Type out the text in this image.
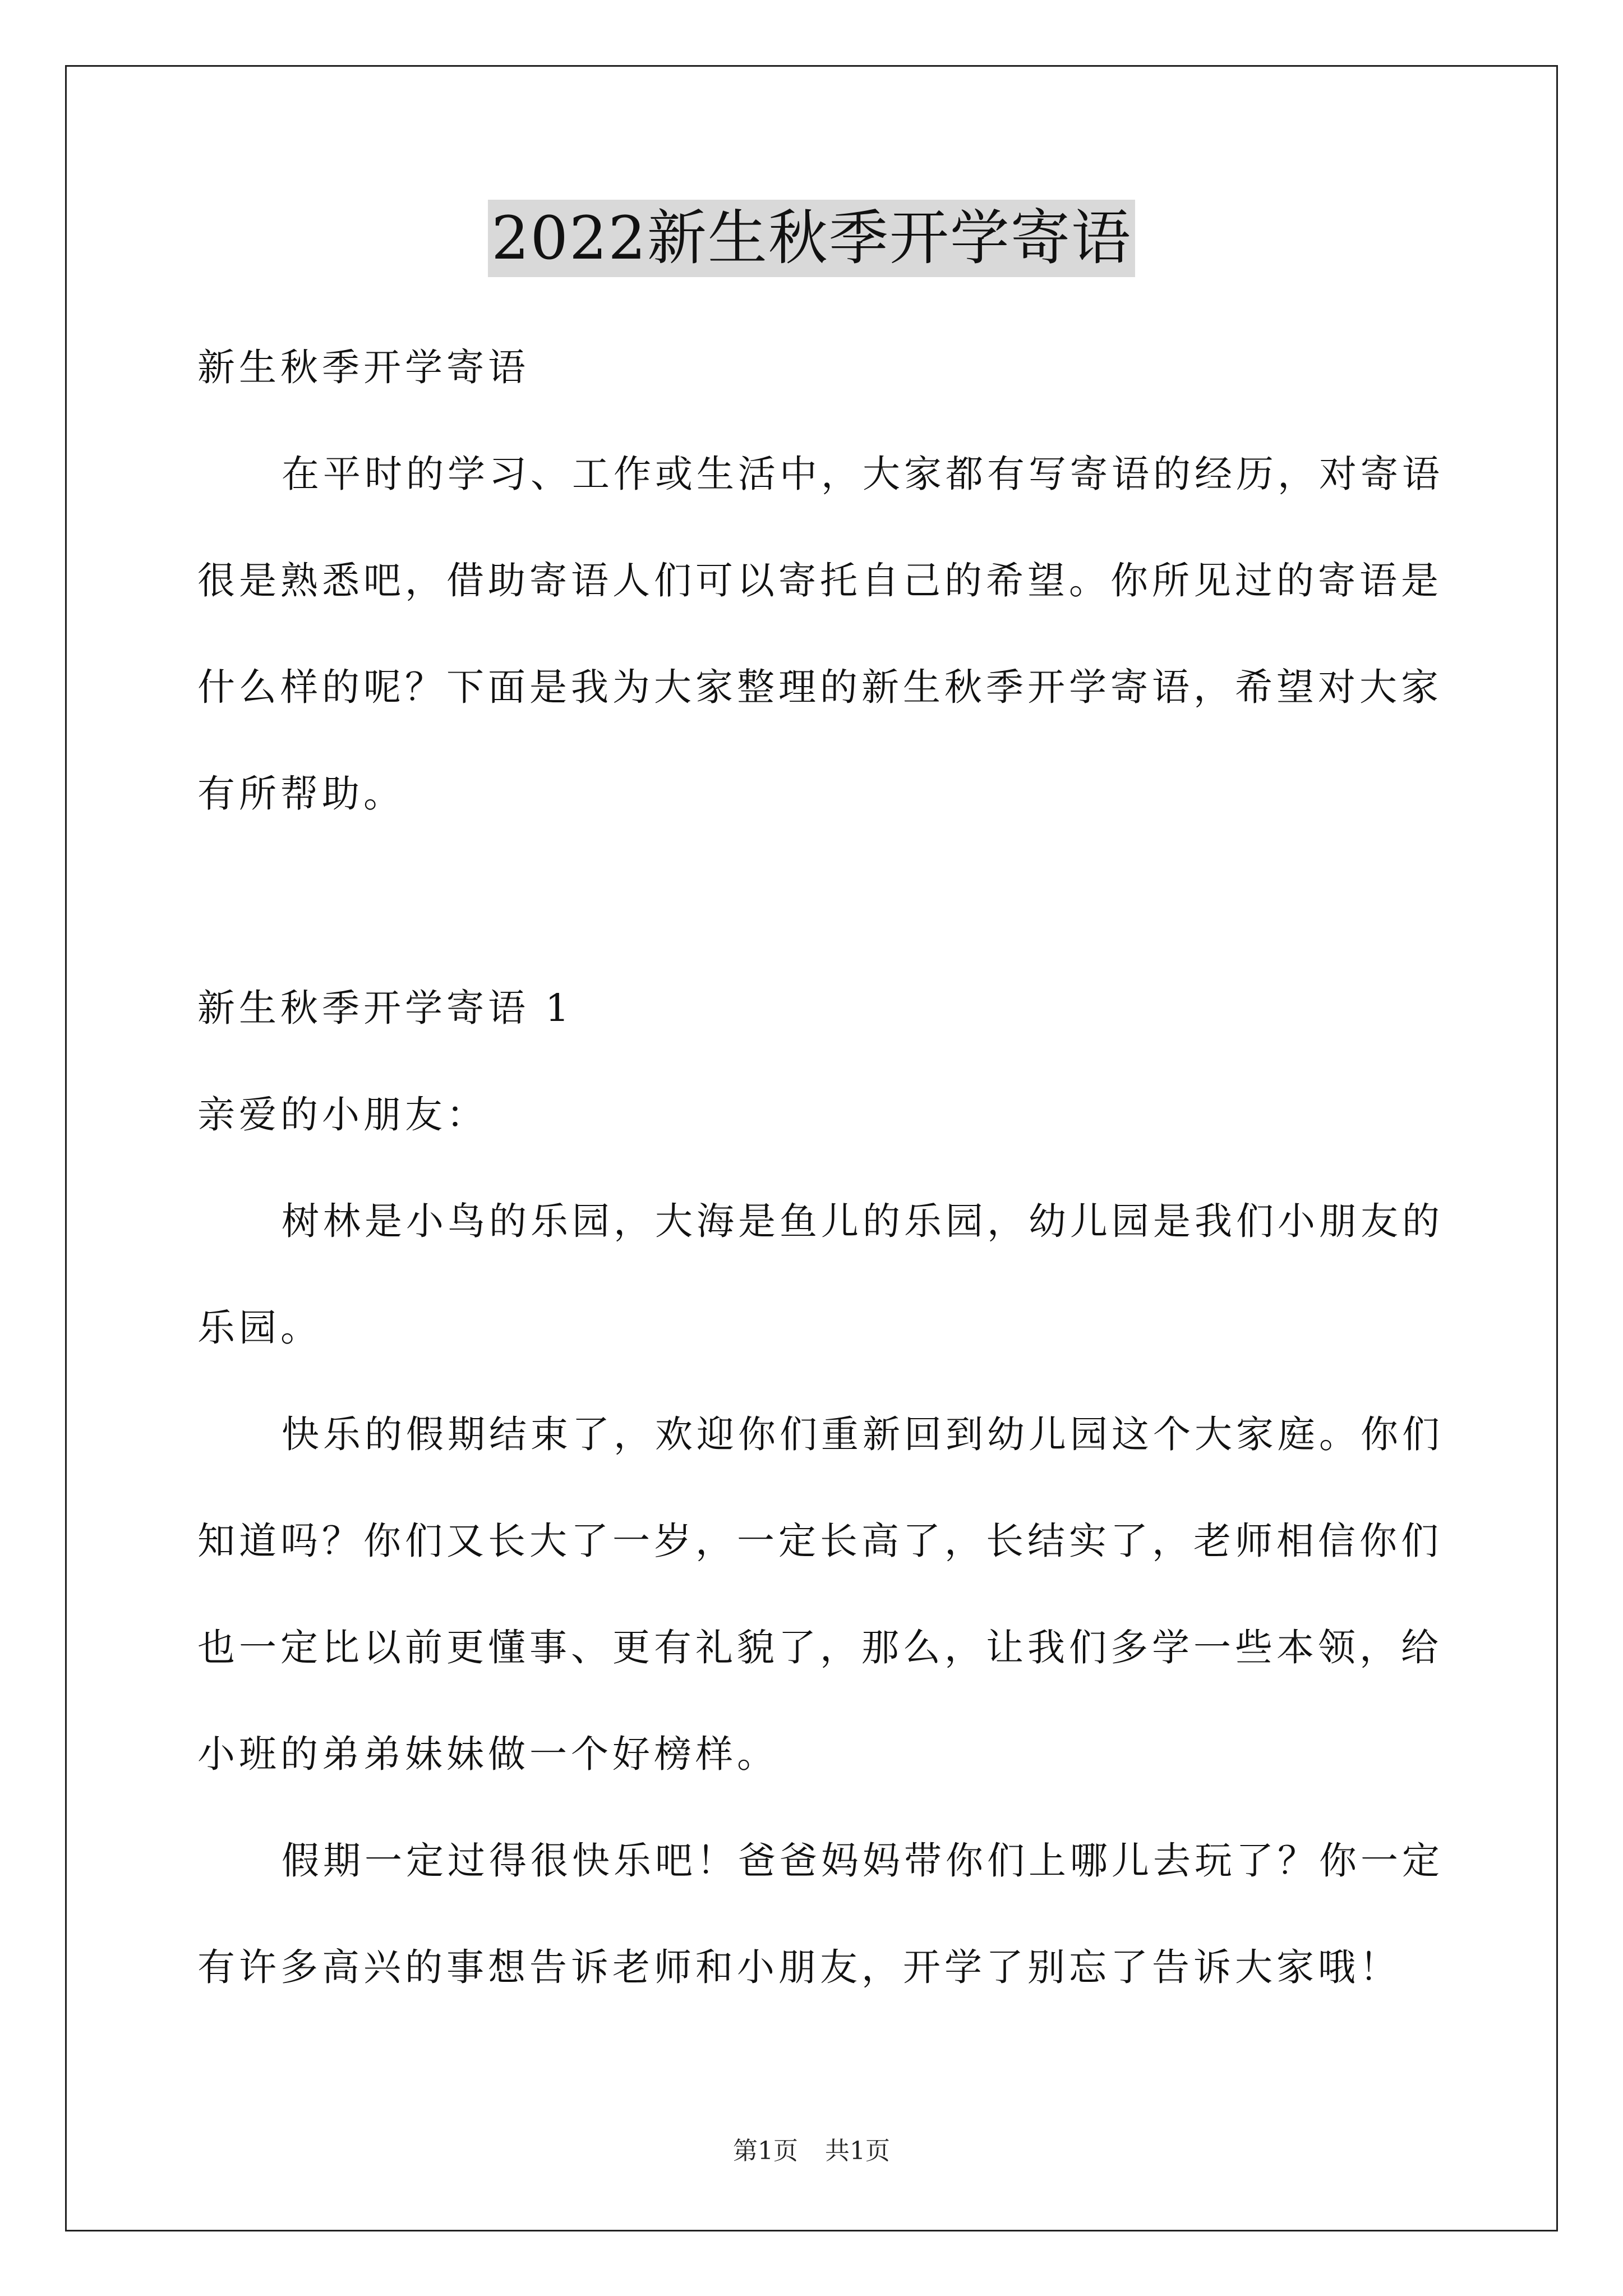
2022新生秋季开学寄语
新生秋季开学寄语
在平时的学习、工作或生活中，大家都有写寄语的经历，对寄语
很是熟悉吧，借助寄语人们可以寄托自己的希望。你所见过的寄语是
什么样的呢？下面是我为大家整理的新生秋季开学寄语，希望对大家
有所帮助。
新生秋季开学寄语 1
亲爱的小朋友：
树林是小鸟的乐园，大海是鱼儿的乐园，幼儿园是我们小朋友的
乐园。
快乐的假期结束了，欢迎你们重新回到幼儿园这个大家庭。你们
知道吗？你们又长大了一岁，一定长高了，长结实了，老师相信你们
也一定比以前更懂事、更有礼貌了，那么，让我们多学一些本领，给
小班的弟弟妹妹做一个好榜样。
假期一定过得很快乐吧！爸爸妈妈带你们上哪儿去玩了？你一定
有许多高兴的事想告诉老师和小朋友，开学了别忘了告诉大家哦！
第1页 共1页
